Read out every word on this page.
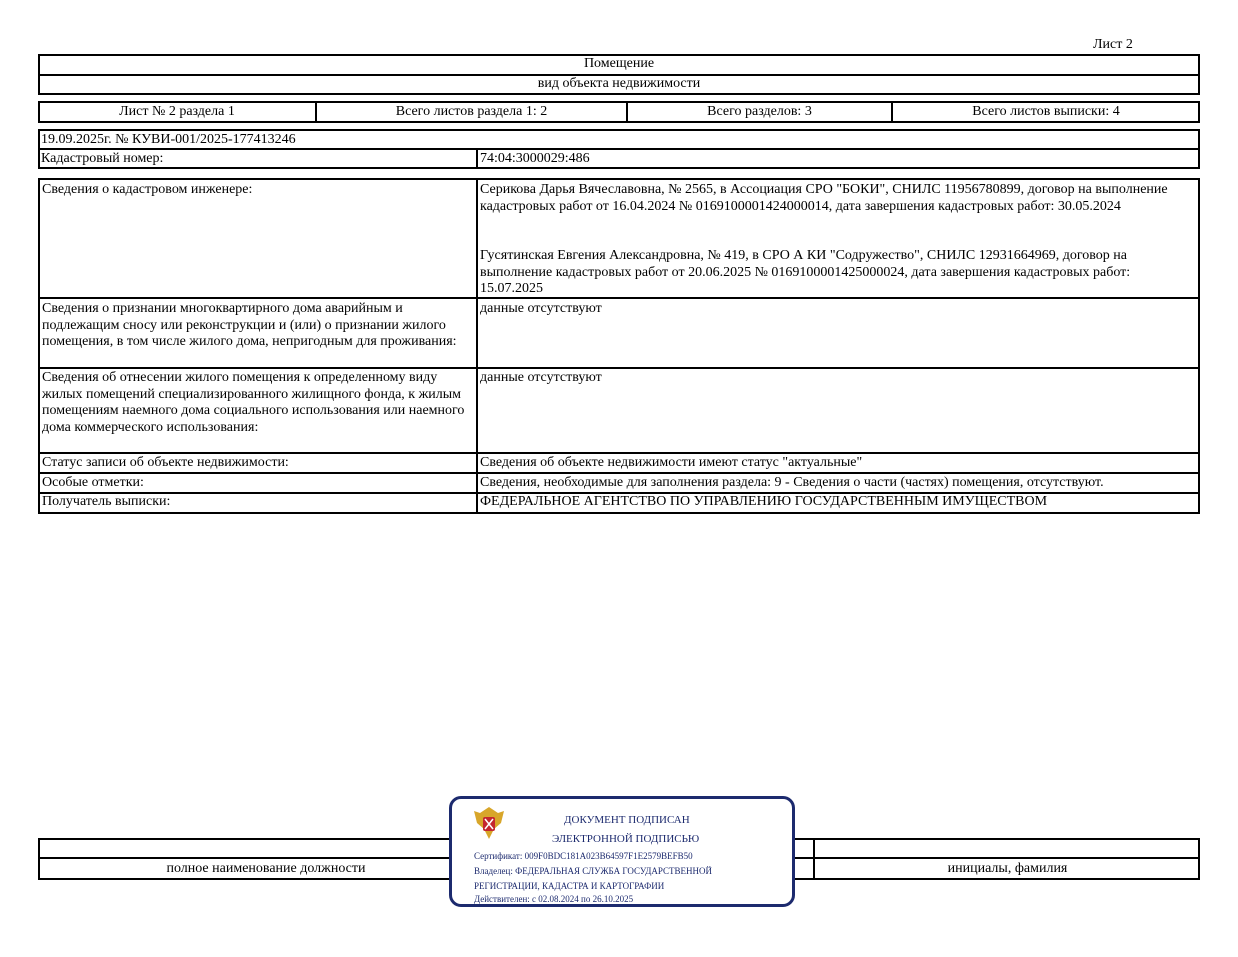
Лист 2
Помещение
вид объекта недвижимости
Лист № 2 раздела 1	Всего листов раздела 1: 2	Всего разделов: 3	Всего листов выписки: 4
19.09.2025г. № КУВИ-001/2025-177413246
Кадастровый номер:	74:04:3000029:486
Сведения о кадастровом инженере:	Серикова Дарья Вячеславовна, № 2565, в Ассоциация СРО "БОКИ", СНИЛС 11956780899, договор на выполнение кадастровых работ от 16.04.2024 № 0169100001424000014, дата завершения кадастровых работ: 30.05.2024
Гусятинская Евгения Александровна, № 419, в СРО А КИ "Содружество", СНИЛС 12931664969, договор на выполнение кадастровых работ от 20.06.2025 № 0169100001425000024, дата завершения кадастровых работ: 15.07.2025
Сведения о признании многоквартирного дома аварийным и подлежащим сносу или реконструкции и (или) о признании жилого помещения, в том числе жилого дома, непригодным для проживания:
данные отсутствуют
Сведения об отнесении жилого помещения к определенному виду жилых помещений специализированного жилищного фонда, к жилым помещениям наемного дома социального использования или наемного дома коммерческого использования:
данные отсутствуют
Статус записи об объекте недвижимости:	Сведения об объекте недвижимости имеют статус "актуальные"
Особые отметки:	Сведения, необходимые для заполнения раздела: 9 - Сведения о части (частях) помещения, отсутствуют.
Получатель выписки:	ФЕДЕРАЛЬНОЕ АГЕНТСТВО ПО УПРАВЛЕНИЮ ГОСУДАРСТВЕННЫМ ИМУЩЕСТВОМ
полное наименование должности	инициалы, фамилия
ДОКУМЕНТ ПОДПИСАН
ЭЛЕКТРОННОЙ ПОДПИСЬЮ
Сертификат: 009F0BDC181A023B64597F1E2579BEFB50
Владелец: ФЕДЕРАЛЬНАЯ СЛУЖБА ГОСУДАРСТВЕННОЙ
РЕГИСТРАЦИИ, КАДАСТРА И КАРТОГРАФИИ
Действителен: с 02.08.2024 по 26.10.2025
